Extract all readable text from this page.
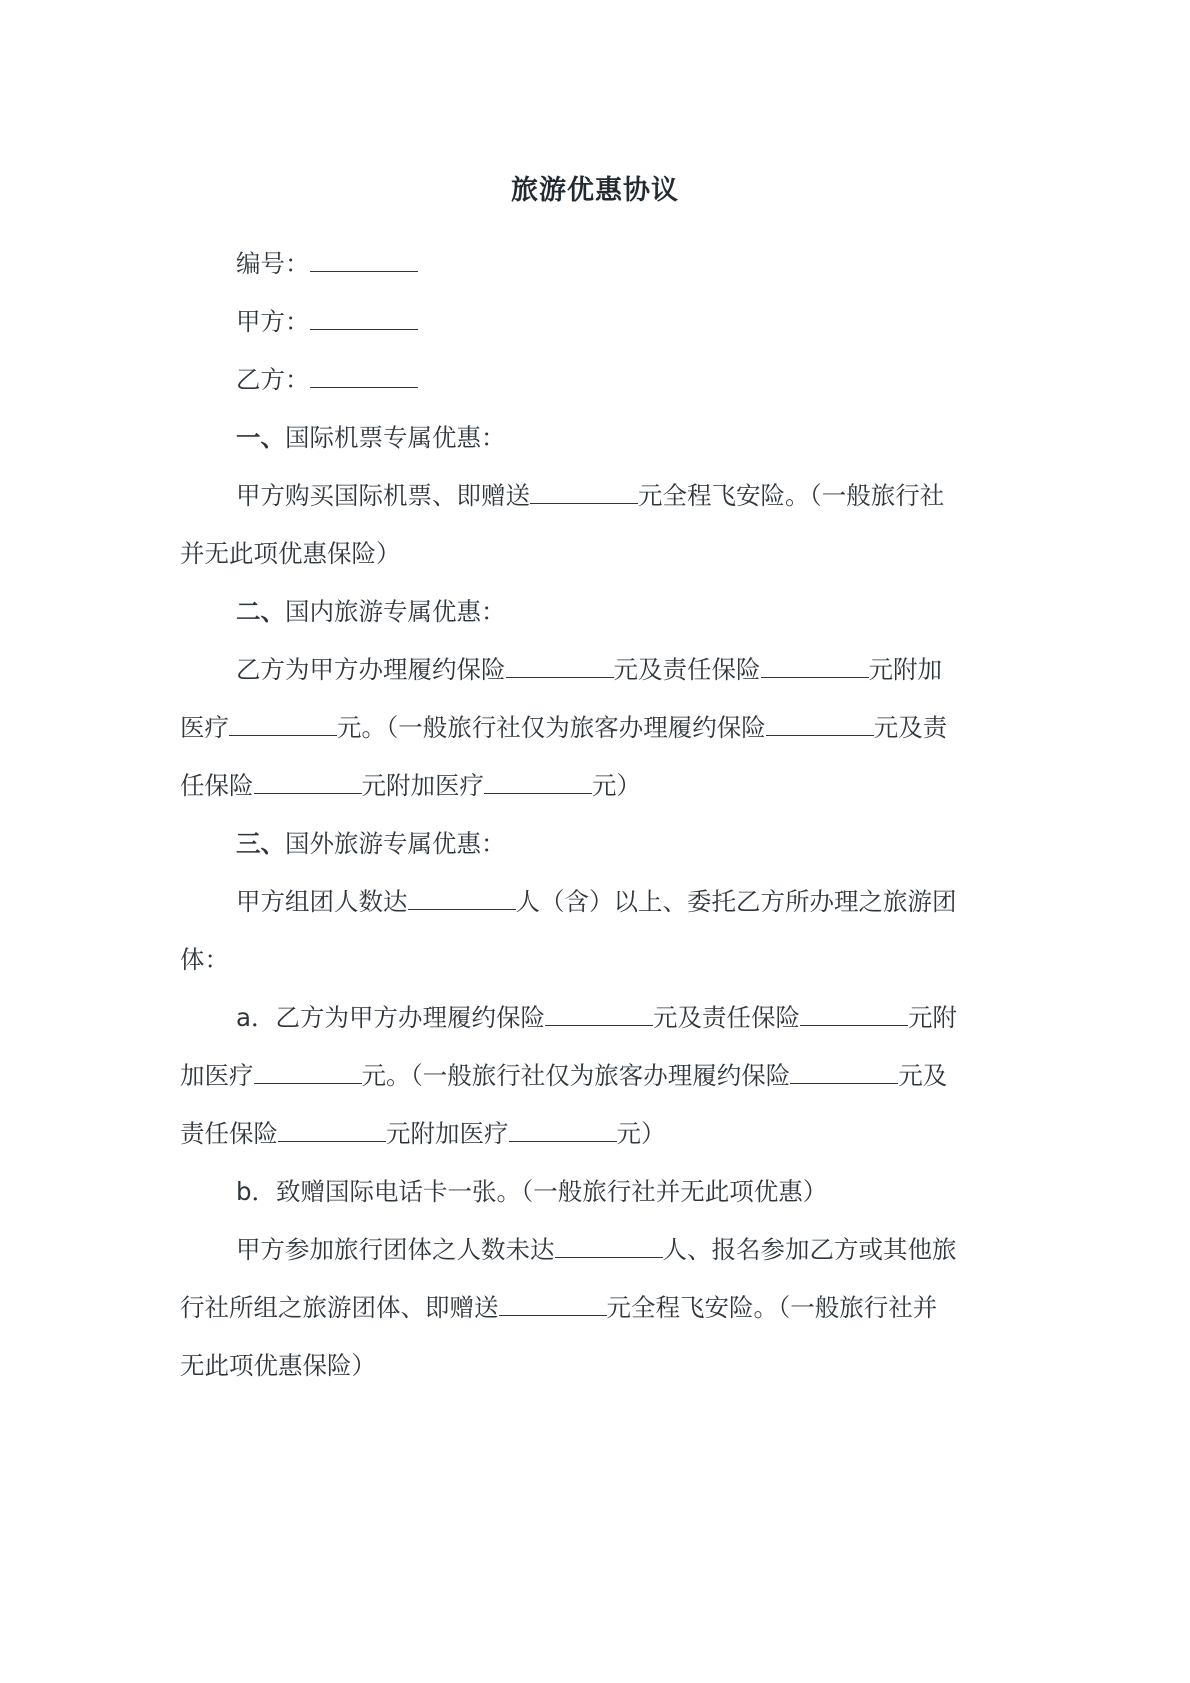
旅游优惠协议
编号：
甲方：
乙方：
一、国际机票专属优惠：
甲方购买国际机票、即赠送	元全程飞安险。（一般旅行社
并无此项优惠保险）
二、国内旅游专属优惠：
乙方为甲方办理履约保险	元及责任保险	元附加
医疗	元。（一般旅行社仅为旅客办理履约保险	元及责
任保险	元附加医疗	元）
三、国外旅游专属优惠：
甲方组团人数达	人（含）以上、委托乙方所办理之旅游团
体：
a．乙方为甲方办理履约保险	元及责任保险	元附
加医疗	元。（一般旅行社仅为旅客办理履约保险	元及
责任保险	元附加医疗	元）
b．致赠国际电话卡一张。（一般旅行社并无此项优惠）
甲方参加旅行团体之人数未达	人、报名参加乙方或其他旅
行社所组之旅游团体、即赠送	元全程飞安险。（一般旅行社并
无此项优惠保险）
